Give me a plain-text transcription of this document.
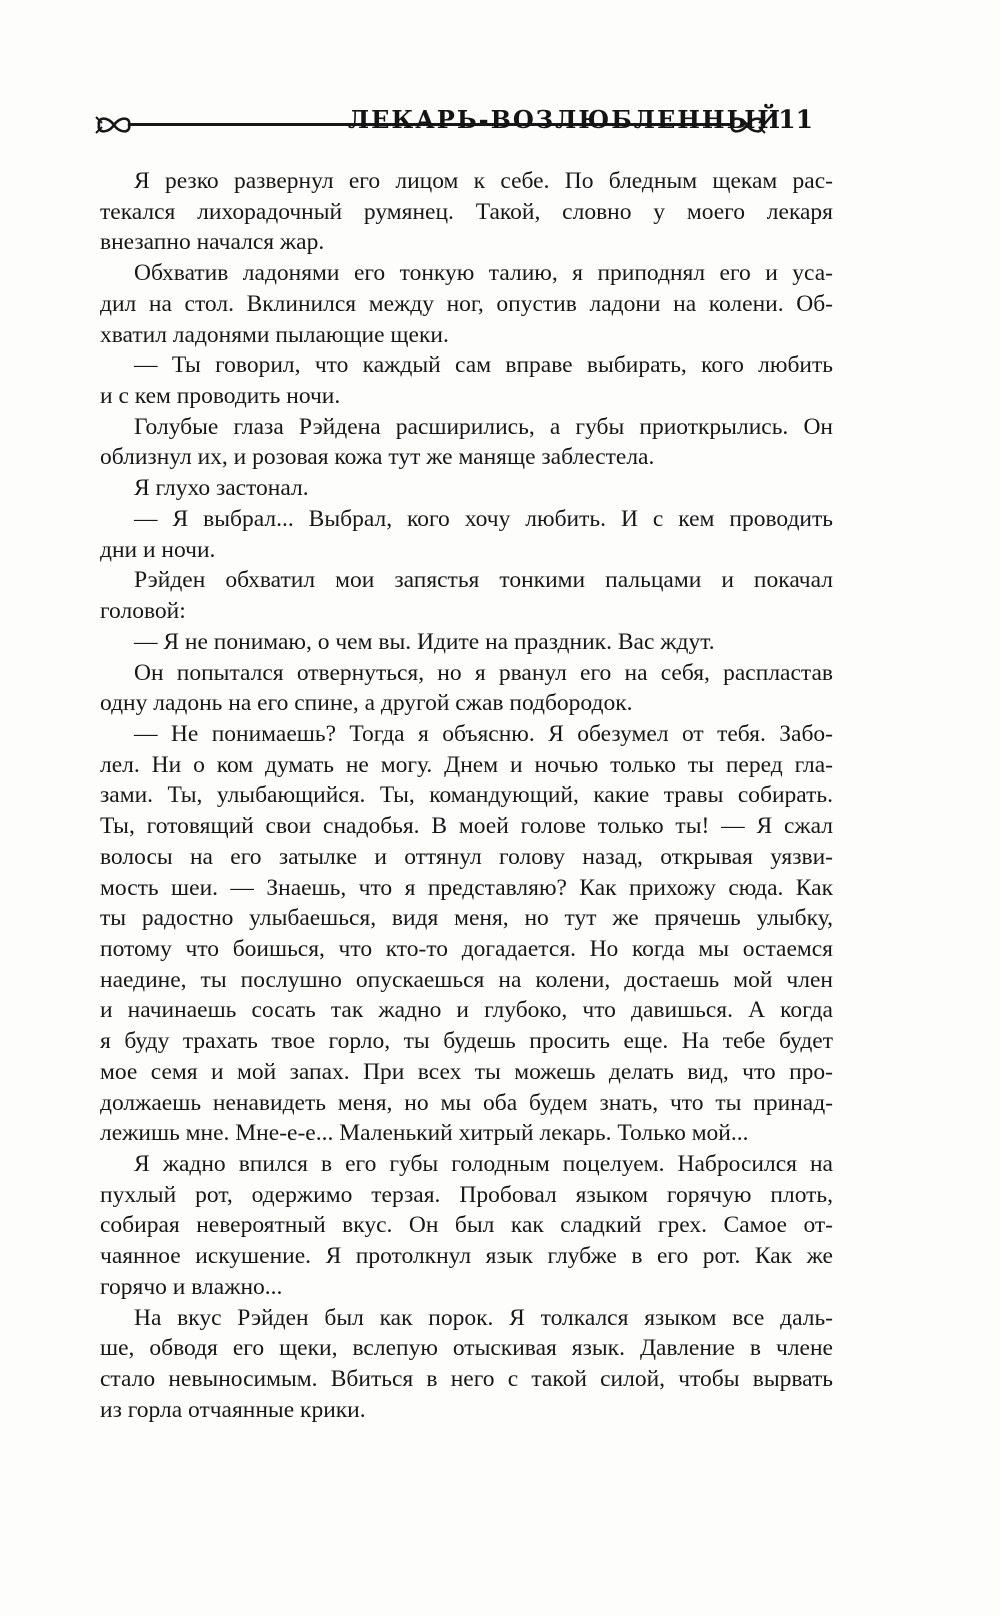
11
ЛЕКАРЬ-ВОЗЛЮБЛЕННЫЙ
Я резко развернул его лицом к себе. По бледным щекам рас-
текался лихорадочный румянец. Такой, словно у моего лекаря
внезапно начался жар.
Обхватив ладонями его тонкую талию, я приподнял его и уса-
дил на стол. Вклинился между ног, опустив ладони на колени. Об-
хватил ладонями пылающие щеки.
— Ты говорил, что каждый сам вправе выбирать, кого любить
и с кем проводить ночи.
Голубые глаза Рэйдена расширились, а губы приоткрылись. Он
облизнул их, и розовая кожа тут же маняще заблестела.
Я глухо застонал.
— Я выбрал... Выбрал, кого хочу любить. И с кем проводить
дни и ночи.
Рэйден обхватил мои запястья тонкими пальцами и покачал
головой:
— Я не понимаю, о чем вы. Идите на праздник. Вас ждут.
Он попытался отвернуться, но я рванул его на себя, распластав
одну ладонь на его спине, а другой сжав подбородок.
— Не понимаешь? Тогда я объясню. Я обезумел от тебя. Забо-
лел. Ни о ком думать не могу. Днем и ночью только ты перед гла-
зами. Ты, улыбающийся. Ты, командующий, какие травы собирать.
Ты, готовящий свои снадобья. В моей голове только ты! — Я сжал
волосы на его затылке и оттянул голову назад, открывая уязви-
мость шеи. — Знаешь, что я представляю? Как прихожу сюда. Как
ты радостно улыбаешься, видя меня, но тут же прячешь улыбку,
потому что боишься, что кто-то догадается. Но когда мы остаемся
наедине, ты послушно опускаешься на колени, достаешь мой член
и начинаешь сосать так жадно и глубоко, что давишься. А когда
я буду трахать твое горло, ты будешь просить еще. На тебе будет
мое семя и мой запах. При всех ты можешь делать вид, что про-
должаешь ненавидеть меня, но мы оба будем знать, что ты принад-
лежишь мне. Мне-е-е... Маленький хитрый лекарь. Только мой...
Я жадно впился в его губы голодным поцелуем. Набросился на
пухлый рот, одержимо терзая. Пробовал языком горячую плоть,
собирая невероятный вкус. Он был как сладкий грех. Самое от-
чаянное искушение. Я протолкнул язык глубже в его рот. Как же
горячо и влажно...
На вкус Рэйден был как порок. Я толкался языком все даль-
ше, обводя его щеки, вслепую отыскивая язык. Давление в члене
стало невыносимым. Вбиться в него с такой силой, чтобы вырвать
из горла отчаянные крики.
